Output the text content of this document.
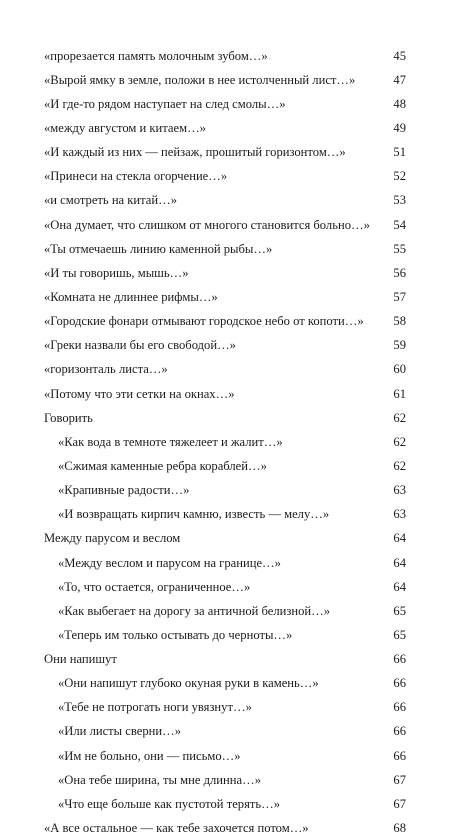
«прорезается память молочным зубом…»	45
«Вырой ямку в земле, положи в нее истолченный лист…»	47
«И где-то рядом наступает на след смолы…»	48
«между августом и китаем…»	49
«И каждый из них — пейзаж, прошитый горизонтом…»	51
«Принеси на стекла огорчение…»	52
«и смотреть на китай…»	53
«Она думает, что слишком от многого становится больно…»	54
«Ты отмечаешь линию каменной рыбы…»	55
«И ты говоришь, мышь…»	56
«Комната не длиннее рифмы…»	57
«Городские фонари отмывают городское небо от копоти…»	58
«Греки назвали бы его свободой…»	59
«горизонталь листа…»	60
«Потому что эти сетки на окнах…»	61
Говорить	62
«Как вода в темноте тяжелеет и жалит…»	62
«Сжимая каменные ребра кораблей…»	62
«Крапивные радости…»	63
«И возвращать кирпич камню, известь — мелу…»	63
Между парусом и веслом	64
«Между веслом и парусом на границе…»	64
«То, что остается, ограниченное…»	64
«Как выбегает на дорогу за античной белизной…»	65
«Теперь им только остывать до черноты…»	65
Они напишут	66
«Они напишут глубоко окуная руки в камень…»	66
«Тебе не потрогать ноги увязнут…»	66
«Или листы сверни…»	66
«Им не больно, они — письмо…»	66
«Она тебе ширина, ты мне длинна…»	67
«Что еще больше как пустотой терять…»	67
«А все остальное — как тебе захочется потом…»	68
